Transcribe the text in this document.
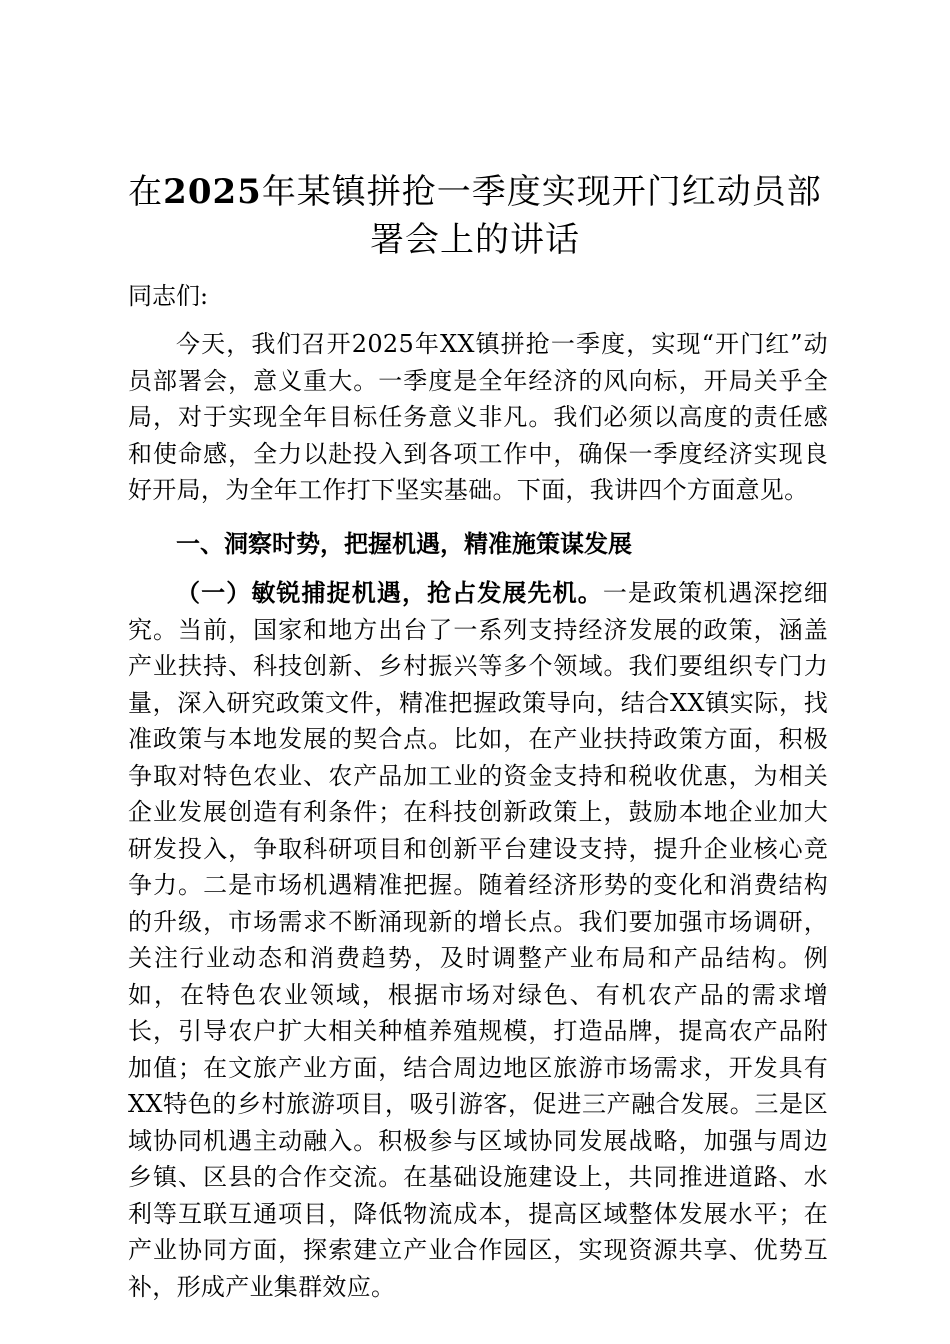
在2025年某镇拼抢一季度实现开门红动员部署会上的讲话

同志们:

今天，我们召开2025年XX镇拼抢一季度，实现“开门红”动员部署会，意义重大。一季度是全年经济的风向标，开局关乎全局，对于实现全年目标任务意义非凡。我们必须以高度的责任感和使命感，全力以赴投入到各项工作中，确保一季度经济实现良好开局，为全年工作打下坚实基础。下面，我讲四个方面意见。

一、洞察时势，把握机遇，精准施策谋发展

（一）敏锐捕捉机遇，抢占发展先机。一是政策机遇深挖细究。当前，国家和地方出台了一系列支持经济发展的政策，涵盖产业扶持、科技创新、乡村振兴等多个领域。我们要组织专门力量，深入研究政策文件，精准把握政策导向，结合XX镇实际，找准政策与本地发展的契合点。比如，在产业扶持政策方面，积极争取对特色农业、农产品加工业的资金支持和税收优惠，为相关企业发展创造有利条件；在科技创新政策上，鼓励本地企业加大研发投入，争取科研项目和创新平台建设支持，提升企业核心竞争力。二是市场机遇精准把握。随着经济形势的变化和消费结构的升级，市场需求不断涌现新的增长点。我们要加强市场调研，关注行业动态和消费趋势，及时调整产业布局和产品结构。例如，在特色农业领域，根据市场对绿色、有机农产品的需求增长，引导农户扩大相关种植养殖规模，打造品牌，提高农产品附加值；在文旅产业方面，结合周边地区旅游市场需求，开发具有XX特色的乡村旅游项目，吸引游客，促进三产融合发展。三是区域协同机遇主动融入。积极参与区域协同发展战略，加强与周边乡镇、区县的合作交流。在基础设施建设上，共同推进道路、水利等互联互通项目，降低物流成本，提高区域整体发展水平；在产业协同方面，探索建立产业合作园区，实现资源共享、优势互补，形成产业集群效应。
